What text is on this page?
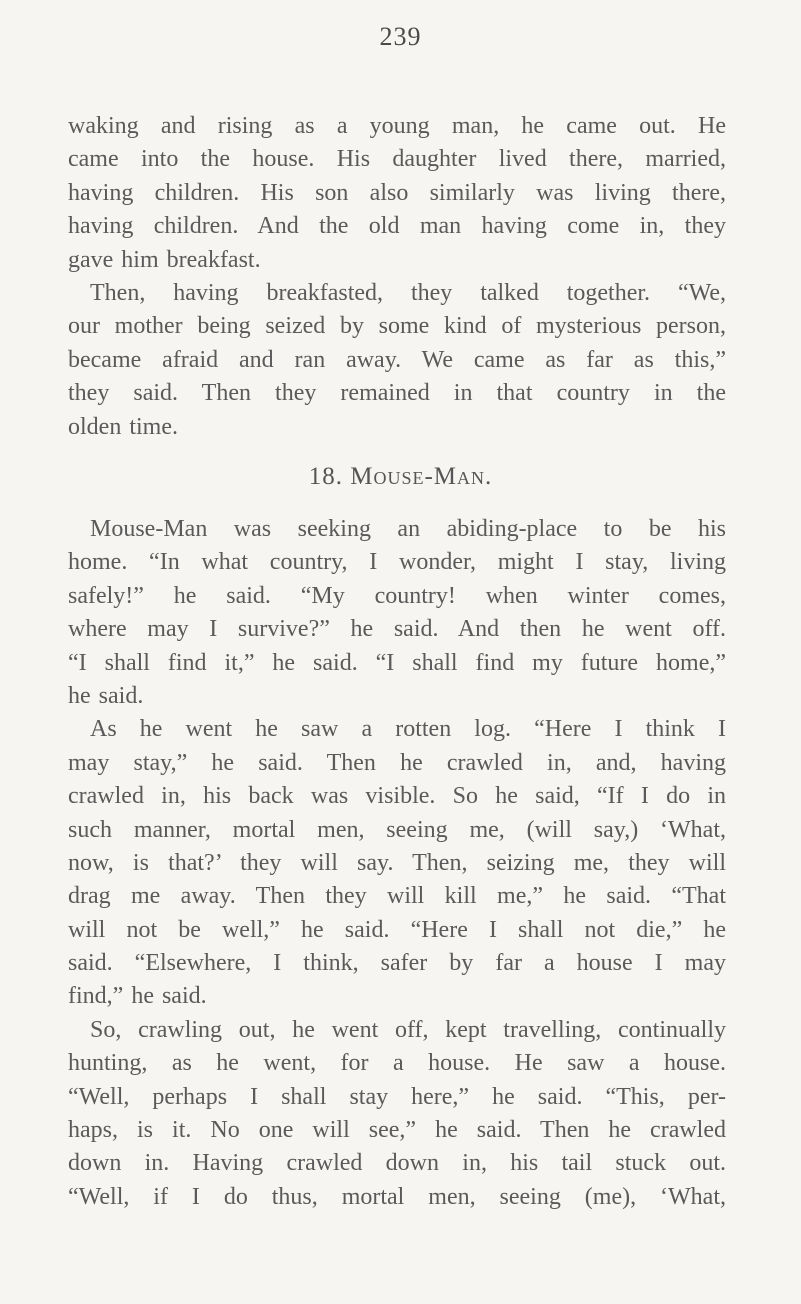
239
waking and rising as a young man, he came out. He
came into the house. His daughter lived there, married,
having children. His son also similarly was living there,
having children. And the old man having come in, they
gave him breakfast.
Then, having breakfasted, they talked together. “We,
our mother being seized by some kind of mysterious person,
became afraid and ran away. We came as far as this,”
they said. Then they remained in that country in the
olden time.
18. Mouse-Man.
Mouse-Man was seeking an abiding-place to be his
home. “In what country, I wonder, might I stay, living
safely!” he said. “My country! when winter comes,
where may I survive?” he said. And then he went off.
“I shall find it,” he said. “I shall find my future home,”
he said.
As he went he saw a rotten log. “Here I think I
may stay,” he said. Then he crawled in, and, having
crawled in, his back was visible. So he said, “If I do in
such manner, mortal men, seeing me, (will say,) ‘What,
now, is that?’ they will say. Then, seizing me, they will
drag me away. Then they will kill me,” he said. “That
will not be well,” he said. “Here I shall not die,” he
said. “Elsewhere, I think, safer by far a house I may
find,” he said.
So, crawling out, he went off, kept travelling, continually
hunting, as he went, for a house. He saw a house.
“Well, perhaps I shall stay here,” he said. “This, per-
haps, is it. No one will see,” he said. Then he crawled
down in. Having crawled down in, his tail stuck out.
“Well, if I do thus, mortal men, seeing (me), ‘What,
